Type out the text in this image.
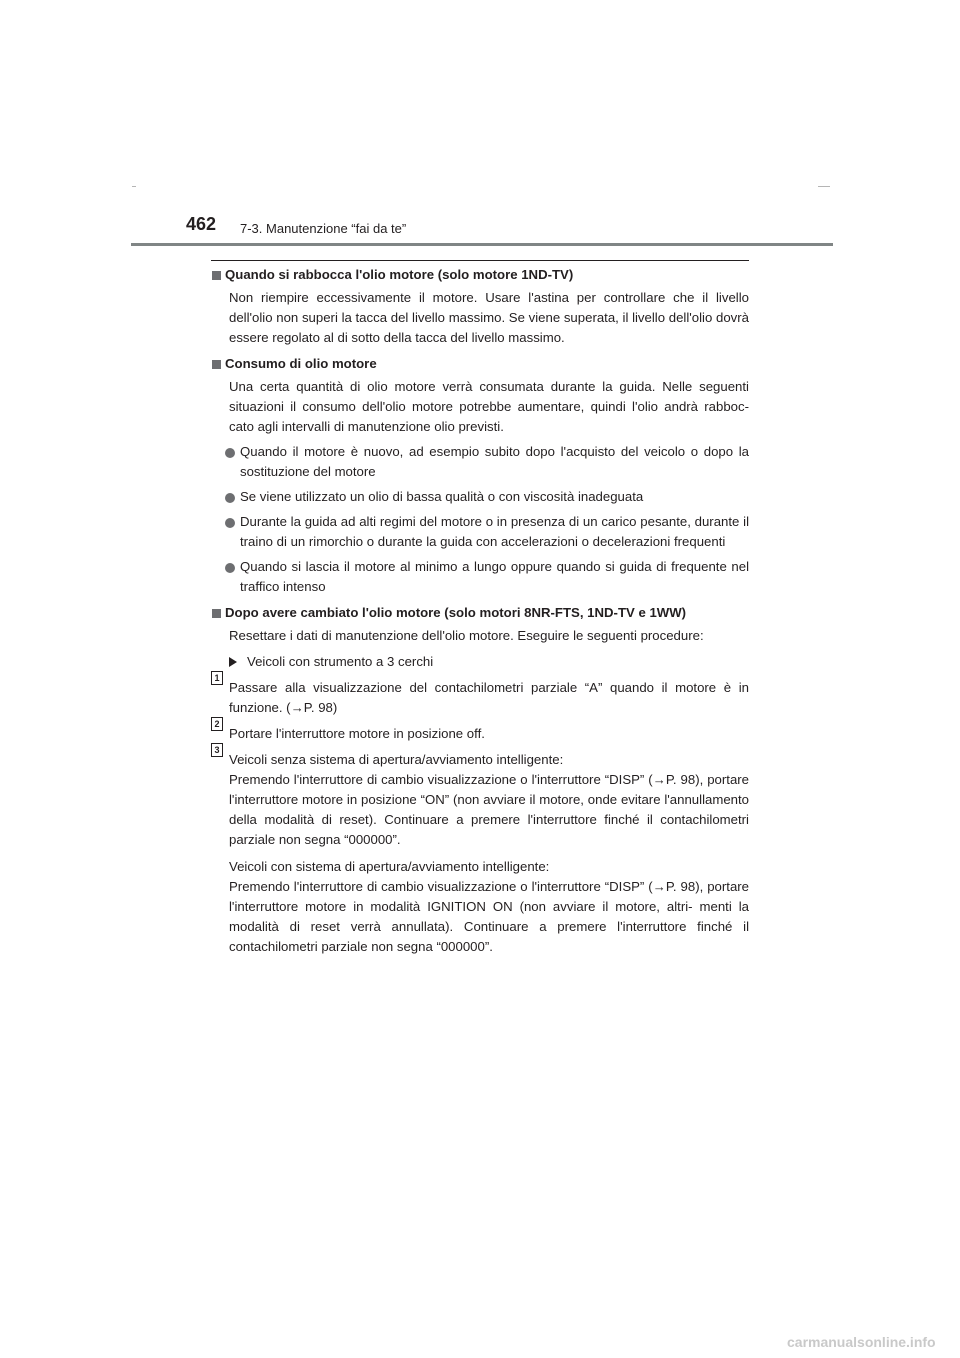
462 7-3. Manutenzione “fai da te”
Quando si rabbocca l'olio motore (solo motore 1ND-TV)
Non riempire eccessivamente il motore. Usare l'astina per controllare che il livello dell'olio non superi la tacca del livello massimo. Se viene superata, il livello dell'olio dovrà essere regolato al di sotto della tacca del livello massimo.
Consumo di olio motore
Una certa quantità di olio motore verrà consumata durante la guida. Nelle seguenti situazioni il consumo dell'olio motore potrebbe aumentare, quindi l'olio andrà rabboc- cato agli intervalli di manutenzione olio previsti.
Quando il motore è nuovo, ad esempio subito dopo l'acquisto del veicolo o dopo la sostituzione del motore
Se viene utilizzato un olio di bassa qualità o con viscosità inadeguata
Durante la guida ad alti regimi del motore o in presenza di un carico pesante, durante il traino di un rimorchio o durante la guida con accelerazioni o decelerazioni frequenti
Quando si lascia il motore al minimo a lungo oppure quando si guida di frequente nel traffico intenso
Dopo avere cambiato l'olio motore (solo motori 8NR-FTS, 1ND-TV e 1WW)
Resettare i dati di manutenzione dell'olio motore. Eseguire le seguenti procedure:
Veicoli con strumento a 3 cerchi
1
Passare alla visualizzazione del contachilometri parziale “A” quando il motore è in funzione. (→P. 98)
2
Portare l'interruttore motore in posizione off.
3
Veicoli senza sistema di apertura/avviamento intelligente:
Premendo l'interruttore di cambio visualizzazione o l'interruttore “DISP” (→P. 98), portare l'interruttore motore in posizione “ON” (non avviare il motore, onde evitare l'annullamento della modalità di reset). Continuare a premere l'interruttore finché il contachilometri parziale non segna “000000”.
Veicoli con sistema di apertura/avviamento intelligente:
Premendo l'interruttore di cambio visualizzazione o l'interruttore “DISP” (→P. 98), portare l'interruttore motore in modalità IGNITION ON (non avviare il motore, altri- menti la modalità di reset verrà annullata). Continuare a premere l'interruttore finché il contachilometri parziale non segna “000000”.
carmanualsonline.info
